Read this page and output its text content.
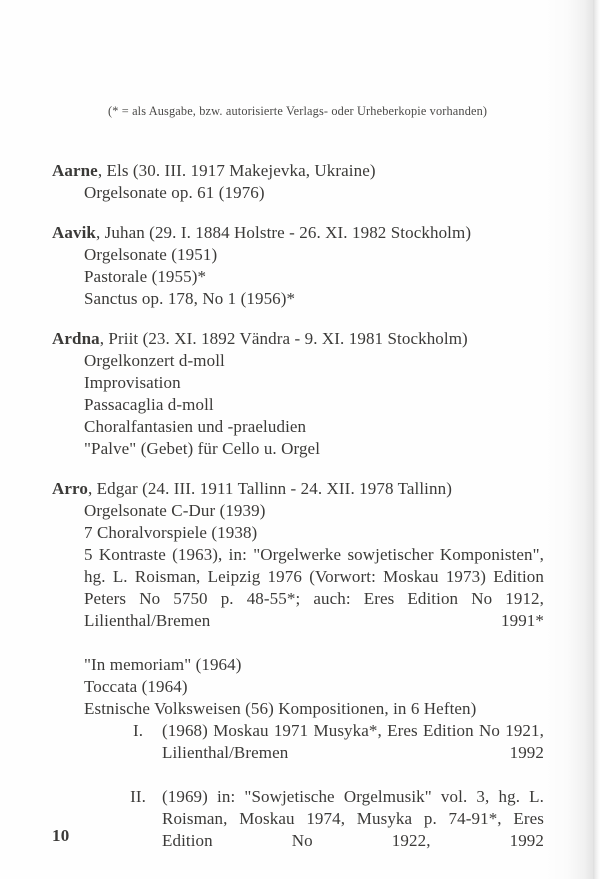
(* = als Ausgabe, bzw. autorisierte Verlags- oder Urheberkopie vorhanden)
Aarne, Els (30. III. 1917 Makejevka, Ukraine)
Orgelsonate op. 61 (1976)
Aavik, Juhan (29. I. 1884 Holstre - 26. XI. 1982 Stockholm)
Orgelsonate (1951)
Pastorale (1955)*
Sanctus op. 178, No 1 (1956)*
Ardna, Priit (23. XI. 1892 Vändra - 9. XI. 1981 Stockholm)
Orgelkonzert d-moll
Improvisation
Passacaglia d-moll
Choralfantasien und -praeludien
"Palve" (Gebet) für Cello u. Orgel
Arro, Edgar (24. III. 1911 Tallinn - 24. XII. 1978 Tallinn)
Orgelsonate C-Dur (1939)
7 Choralvorspiele (1938)
5 Kontraste (1963), in: "Orgelwerke sowjetischer Komponisten", hg. L. Roisman, Leipzig 1976 (Vorwort: Moskau 1973) Edition Peters No 5750 p. 48-55*; auch: Eres Edition No 1912, Lilienthal/Bremen 1991*
"In memoriam" (1964)
Toccata (1964)
Estnische Volksweisen (56) Kompositionen, in 6 Heften)
I.	(1968) Moskau 1971 Musyka*, Eres Edition No 1921, Lilienthal/Bremen 1992
II. (1969) in: "Sowjetische Orgelmusik" vol. 3, hg. L. Roisman, Moskau 1974, Musyka p. 74-91*, Eres Edition No 1922, 1992
10
